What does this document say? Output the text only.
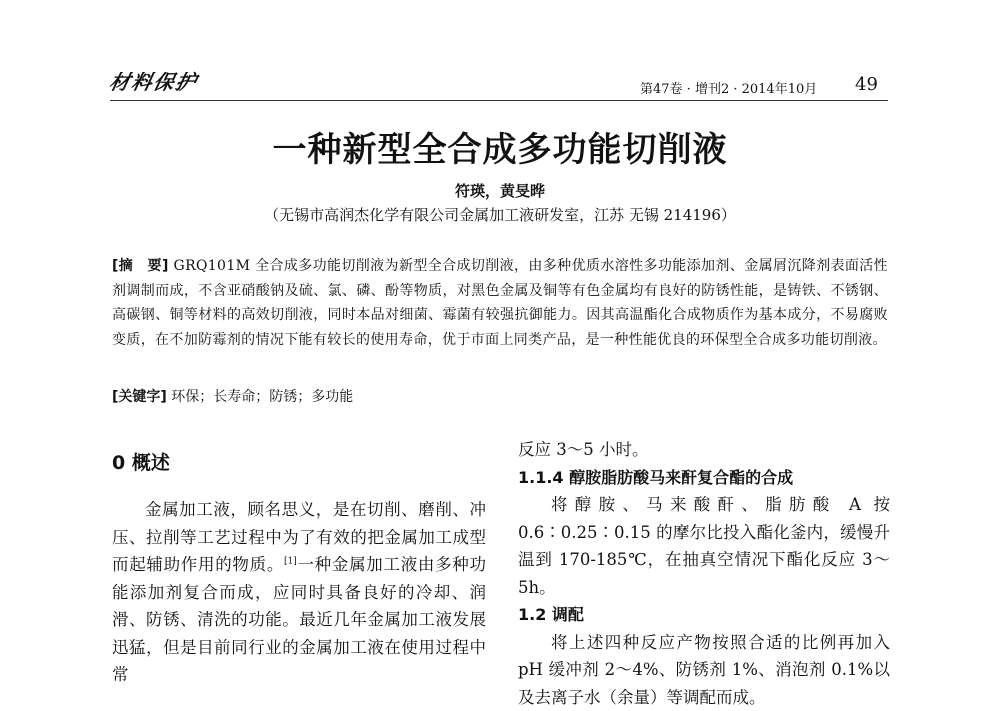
材料保护	第47卷 · 增刊2 · 2014年10月 49
一种新型全合成多功能切削液
符瑛，黄旻晔
（无锡市高润杰化学有限公司金属加工液研发室，江苏 无锡 214196）
[摘　要] GRQ101M 全合成多功能切削液为新型全合成切削液，由多种优质水溶性多功能添加剂、金属屑沉降剂表面活性剂调制而成，不含亚硝酸钠及硫、氯、磷、酚等物质，对黑色金属及铜等有色金属均有良好的防锈性能，是铸铁、不锈钢、高碳钢、铜等材料的高效切削液，同时本品对细菌、霉菌有较强抗御能力。因其高温酯化合成物质作为基本成分，不易腐败变质，在不加防霉剂的情况下能有较长的使用寿命，优于市面上同类产品，是一种性能优良的环保型全合成多功能切削液。
[关键字] 环保；长寿命；防锈；多功能
0 概述
金属加工液，顾名思义，是在切削、磨削、冲压、拉削等工艺过程中为了有效的把金属加工成型而起辅助作用的物质。[1]一种金属加工液由多种功能添加剂复合而成，应同时具备良好的冷却、润滑、防锈、清洗的功能。最近几年金属加工液发展迅猛，但是目前同行业的金属加工液在使用过程中常
反应 3～5 小时。
1.1.4 醇胺脂肪酸马来酐复合酯的合成
将醇胺、马来酸酐、脂肪酸 A 按 0.6∶0.25∶0.15 的摩尔比投入酯化釜内，缓慢升温到 170-185℃，在抽真空情况下酯化反应 3～5h。
1.2 调配
将上述四种反应产物按照合适的比例再加入 pH 缓冲剂 2～4%、防锈剂 1%、消泡剂 0.1%以及去离子水（余量）等调配而成。
